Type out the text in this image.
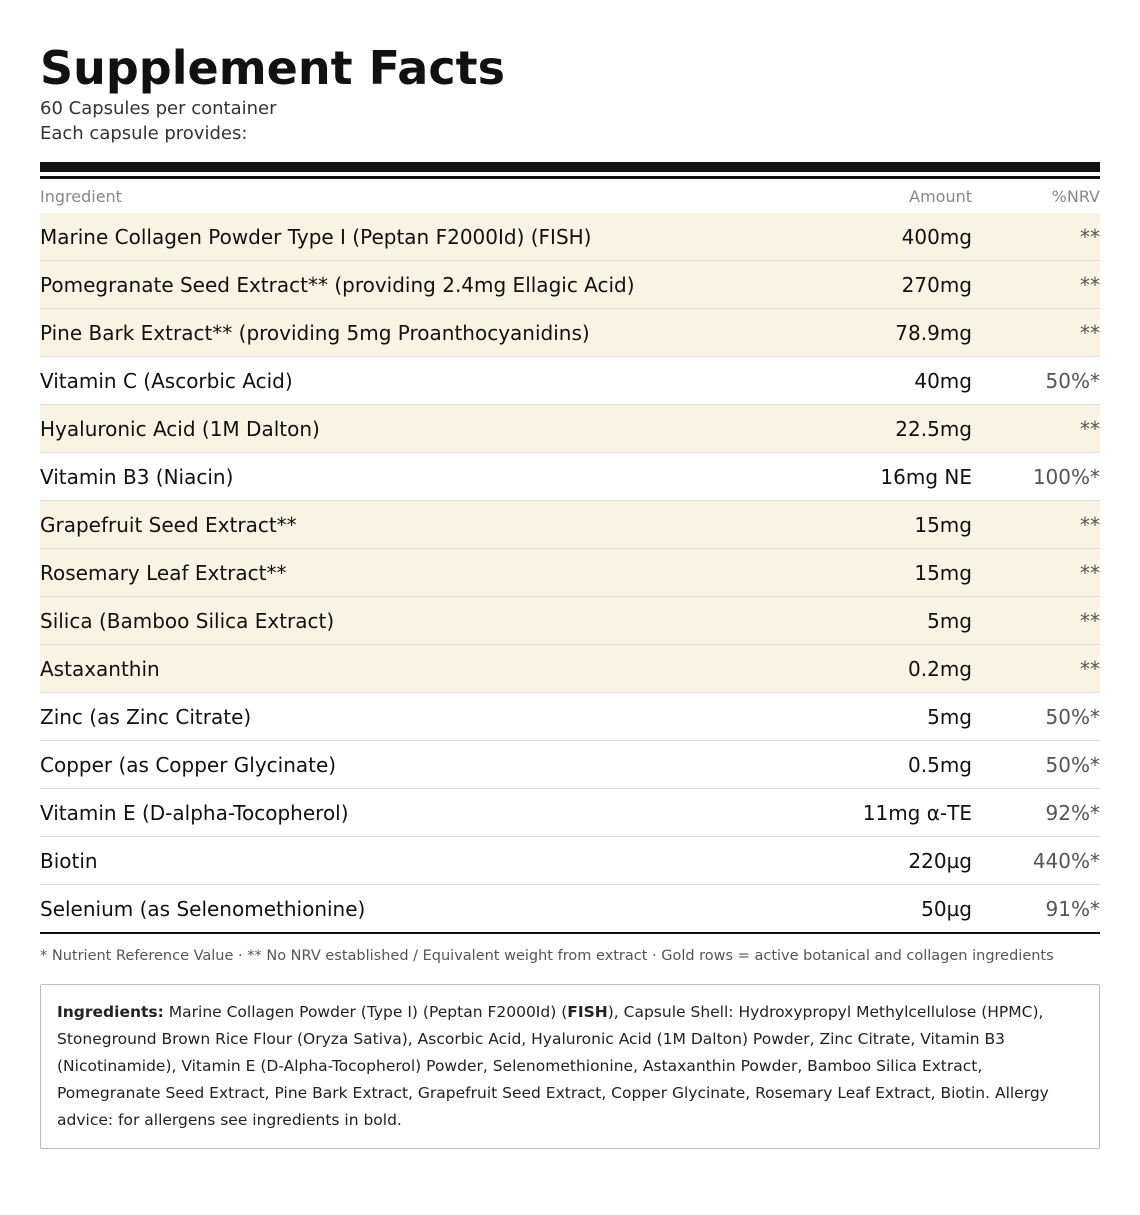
Supplement Facts
60 Capsules per container
Each capsule provides:
Ingredient	Amount	%NRV
Marine Collagen Powder Type I (Peptan F2000Id) (FISH)	400mg	**
Pomegranate Seed Extract** (providing 2.4mg Ellagic Acid)	270mg	**
Pine Bark Extract** (providing 5mg Proanthocyanidins)	78.9mg	**
Vitamin C (Ascorbic Acid)	40mg	50%*
Hyaluronic Acid (1M Dalton)	22.5mg	**
Vitamin B3 (Niacin)	16mg NE	100%*
Grapefruit Seed Extract**	15mg	**
Rosemary Leaf Extract**	15mg	**
Silica (Bamboo Silica Extract)	5mg	**
Astaxanthin	0.2mg	**
Zinc (as Zinc Citrate)	5mg	50%*
Copper (as Copper Glycinate)	0.5mg	50%*
Vitamin E (D-alpha-Tocopherol)	11mg α-TE	92%*
Biotin	220µg	440%*
Selenium (as Selenomethionine)	50µg	91%*
* Nutrient Reference Value · ** No NRV established / Equivalent weight from extract · Gold rows = active botanical and collagen ingredients
Ingredients: Marine Collagen Powder (Type I) (Peptan F2000Id) (FISH), Capsule Shell: Hydroxypropyl Methylcellulose (HPMC), Stoneground Brown Rice Flour (Oryza Sativa), Ascorbic Acid, Hyaluronic Acid (1M Dalton) Powder, Zinc Citrate, Vitamin B3 (Nicotinamide), Vitamin E (D-Alpha-Tocopherol) Powder, Selenomethionine, Astaxanthin Powder, Bamboo Silica Extract, Pomegranate Seed Extract, Pine Bark Extract, Grapefruit Seed Extract, Copper Glycinate, Rosemary Leaf Extract, Biotin. Allergy advice: for allergens see ingredients in bold.
